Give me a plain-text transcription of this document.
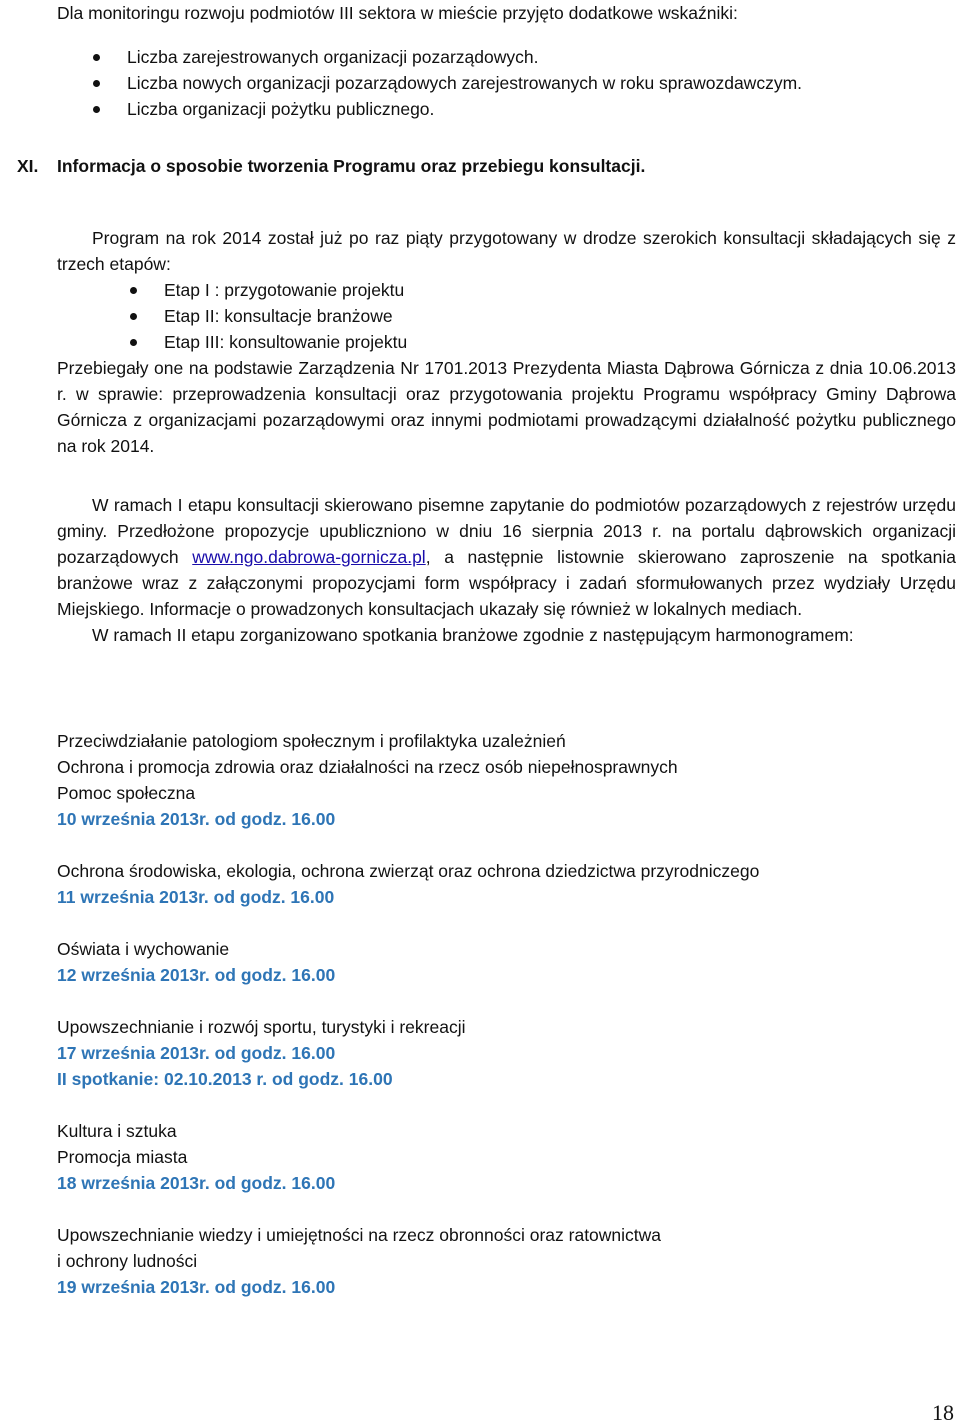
Dla monitoringu rozwoju podmiotów III sektora w mieście przyjęto dodatkowe wskaźniki:

Liczba zarejestrowanych organizacji pozarządowych.
Liczba nowych organizacji pozarządowych zarejestrowanych w roku sprawozdawczym.
Liczba organizacji pożytku publicznego.
XI. Informacja o sposobie tworzenia Programu oraz przebiegu konsultacji.

Program na rok 2014 został już po raz piąty przygotowany w drodze szerokich konsultacji składających się z trzech etapów:

Etap I : przygotowanie projektu
Etap II: konsultacje branżowe
Etap III: konsultowanie projektu

Przebiegały one na podstawie Zarządzenia Nr 1701.2013 Prezydenta Miasta Dąbrowa Górnicza z dnia 10.06.2013 r. w sprawie: przeprowadzenia konsultacji oraz przygotowania projektu Programu współpracy Gminy Dąbrowa Górnicza z organizacjami pozarządowymi oraz innymi podmiotami prowadzącymi działalność pożytku publicznego na rok 2014.

W ramach I etapu konsultacji skierowano pisemne zapytanie do podmiotów pozarządowych z rejestrów urzędu gminy. Przedłożone propozycje upubliczniono w dniu 16 sierpnia 2013 r. na portalu dąbrowskich organizacji pozarządowych www.ngo.dabrowa-gornicza.pl, a następnie listownie skierowano zaproszenie na spotkania branżowe wraz z załączonymi propozycjami form współpracy i zadań sformułowanych przez wydziały Urzędu Miejskiego. Informacje o prowadzonych konsultacjach ukazały się również w lokalnych mediach.

W ramach II etapu zorganizowano spotkania branżowe zgodnie z następującym harmonogramem:

Przeciwdziałanie patologiom społecznym i profilaktyka uzależnień

Ochrona i promocja zdrowia oraz działalności na rzecz osób niepełnosprawnych

Pomoc społeczna

10 września 2013r. od godz. 16.00

Ochrona środowiska, ekologia, ochrona zwierząt oraz ochrona dziedzictwa przyrodniczego

11 września 2013r. od godz. 16.00

Oświata i wychowanie

12 września 2013r. od godz. 16.00

Upowszechnianie i rozwój sportu, turystyki i rekreacji

17 września 2013r. od godz. 16.00

II spotkanie: 02.10.2013 r. od godz. 16.00

Kultura i sztuka

Promocja miasta

18 września 2013r. od godz. 16.00

Upowszechnianie wiedzy i umiejętności na rzecz obronności oraz ratownictwa

i ochrony ludności

19 września 2013r. od godz. 16.00

18
